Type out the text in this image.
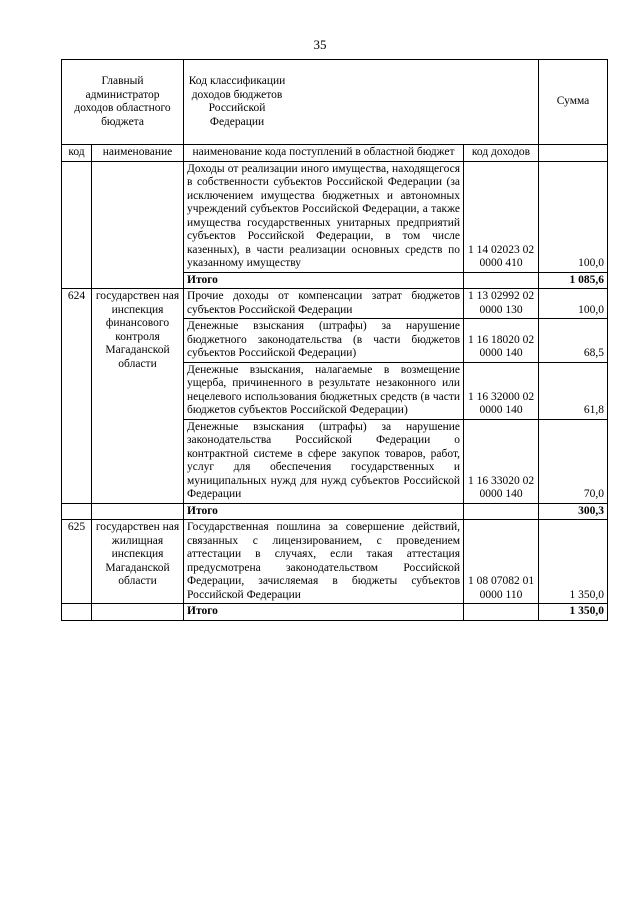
35
Главный администратор доходов областного бюджета		Код классификации доходов бюджетов Российской Федерации		Сумма
код	наименование	наименование кода поступлений в областной бюджет	код доходов	
		Доходы от реализации иного имущества, находящегося в собственности субъектов Российской Федерации (за исключением имущества бюджетных и автономных учреждений субъектов Российской Федерации, а также имущества государственных унитарных предприятий субъектов Российской Федерации, в том числе казенных), в части реализации основных средств по указанному имуществу	1 14 02023 02 0000 410	100,0
		Итого		1 085,6
624	государствен ная инспекция финансового контроля Магаданской области	Прочие доходы от компенсации затрат бюджетов субъектов Российской Федерации	1 13 02992 02 0000 130	100,0
		Денежные взыскания (штрафы) за нарушение бюджетного законодательства (в части бюджетов субъектов Российской Федерации)	1 16 18020 02 0000 140	68,5
		Денежные взыскания, налагаемые в возмещение ущерба, причиненного в результате незаконного или нецелевого использования бюджетных средств (в части бюджетов субъектов Российской Федерации)	1 16 32000 02 0000 140	61,8
		Денежные взыскания (штрафы) за нарушение законодательства Российской Федерации о контрактной системе в сфере закупок товаров, работ, услуг для обеспечения государственных и муниципальных нужд для нужд субъектов Российской Федерации	1 16 33020 02 0000 140	70,0
		Итого		300,3
625	государствен ная жилищная инспекция Магаданской области	Государственная пошлина за совершение действий, связанных с лицензированием, с проведением аттестации в случаях, если такая аттестация предусмотрена законодательством Российской Федерации, зачисляемая в бюджеты субъектов Российской Федерации	1 08 07082 01 0000 110	1 350,0
		Итого		1 350,0
